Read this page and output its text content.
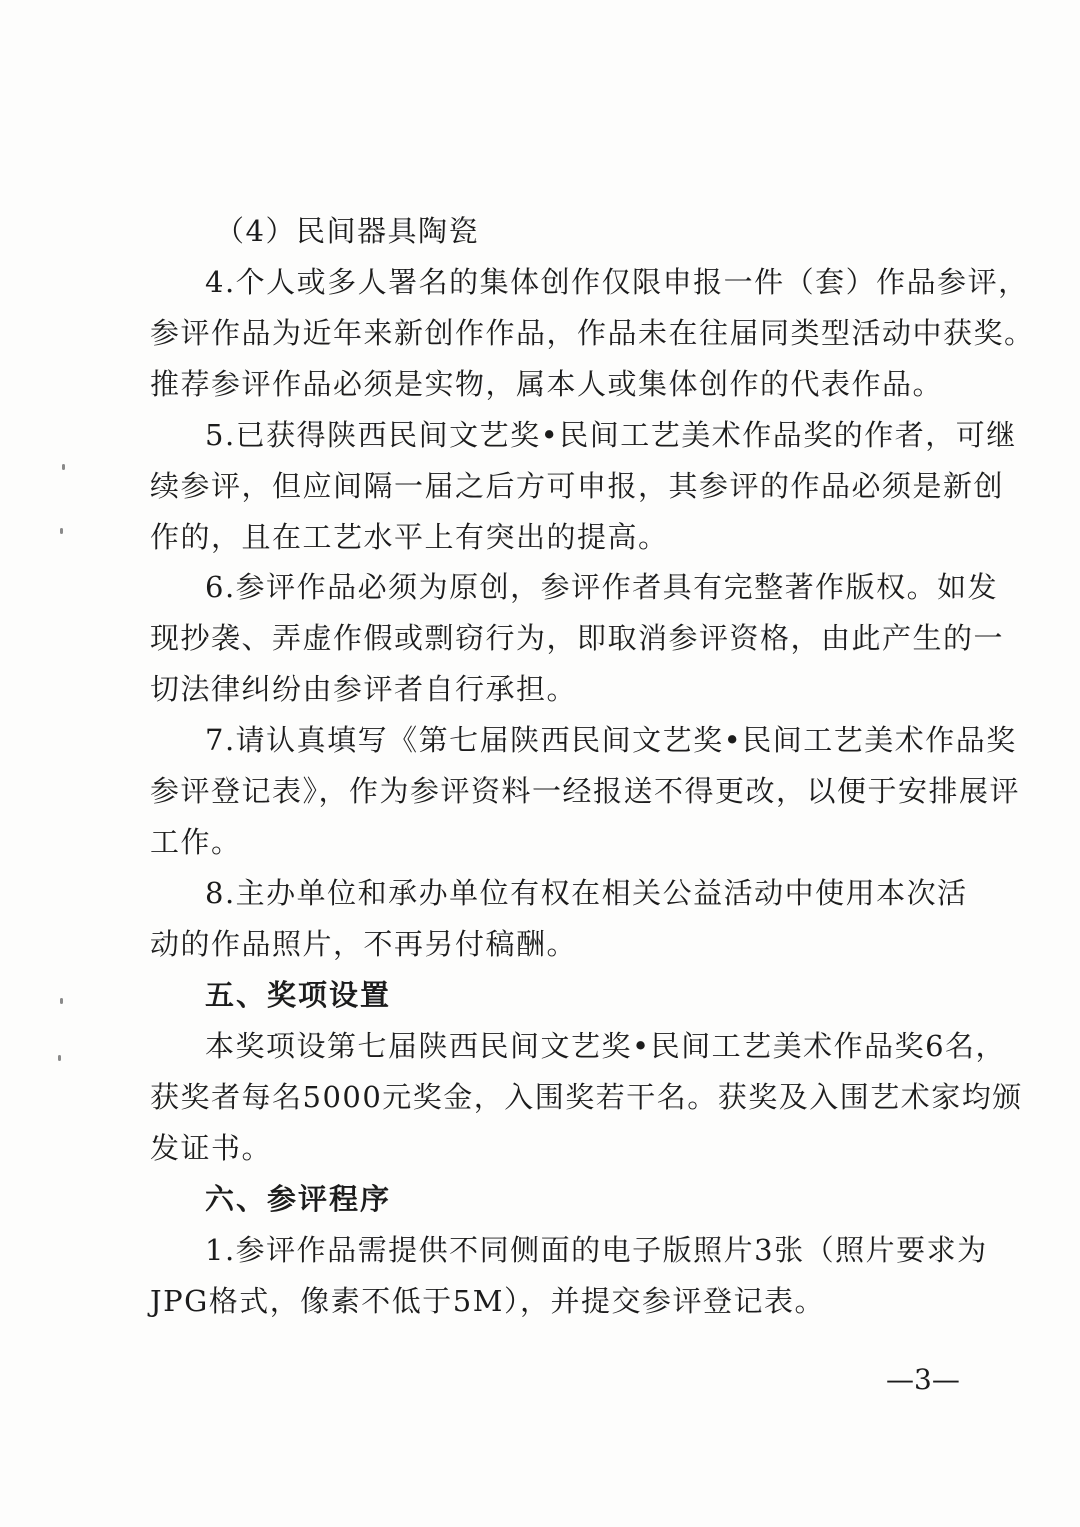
（4）民间器具陶瓷
4.个人或多人署名的集体创作仅限申报一件（套）作品参评，
参评作品为近年来新创作作品，作品未在往届同类型活动中获奖。
推荐参评作品必须是实物，属本人或集体创作的代表作品。
5.已获得陕西民间文艺奖•民间工艺美术作品奖的作者，可继
续参评，但应间隔一届之后方可申报，其参评的作品必须是新创
作的，且在工艺水平上有突出的提高。
6.参评作品必须为原创，参评作者具有完整著作版权。如发
现抄袭、弄虚作假或剽窃行为，即取消参评资格，由此产生的一
切法律纠纷由参评者自行承担。
7.请认真填写《第七届陕西民间文艺奖•民间工艺美术作品奖
参评登记表》，作为参评资料一经报送不得更改，以便于安排展评
工作。
8.主办单位和承办单位有权在相关公益活动中使用本次活
动的作品照片，不再另付稿酬。
五、奖项设置
本奖项设第七届陕西民间文艺奖•民间工艺美术作品奖6名，
获奖者每名5000元奖金，入围奖若干名。获奖及入围艺术家均颁
发证书。
六、参评程序
1.参评作品需提供不同侧面的电子版照片3张（照片要求为
JPG格式，像素不低于5M），并提交参评登记表。
—3—
